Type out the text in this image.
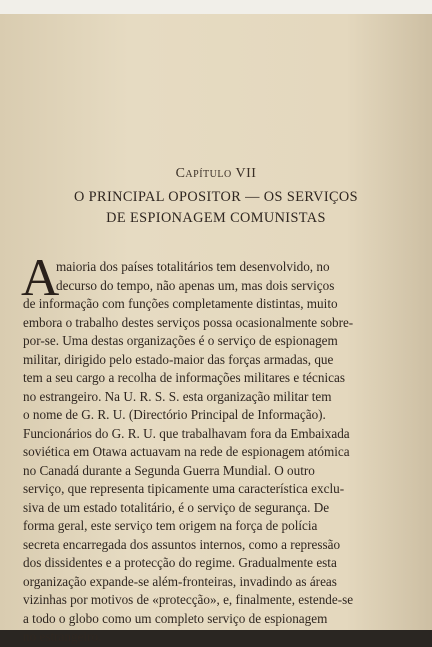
Capítulo VII
O PRINCIPAL OPOSITOR — OS SERVIÇOS
DE ESPIONAGEM COMUNISTAS
A
maioria dos países totalitários tem desenvolvido, no
decurso do tempo, não apenas um, mas dois serviços
de informação com funções completamente distintas, muito
embora o trabalho destes serviços possa ocasionalmente sobre-
por-se. Uma destas organizações é o serviço de espionagem
militar, dirigido pelo estado-maior das forças armadas, que
tem a seu cargo a recolha de informações militares e técnicas
no estrangeiro. Na U. R. S. S. esta organização militar tem
o nome de G. R. U. (Directório Principal de Informação).
Funcionários do G. R. U. que trabalhavam fora da Embaixada
soviética em Otawa actuavam na rede de espionagem atómica
no Canadá durante a Segunda Guerra Mundial. O outro
serviço, que representa tipicamente uma característica exclu-
siva de um estado totalitário, é o serviço de segurança. De
forma geral, este serviço tem origem na força de polícia
secreta encarregada dos assuntos internos, como a repressão
dos dissidentes e a protecção do regime. Gradualmente esta
organização expande-se além-fronteiras, invadindo as áreas
vizinhas por motivos de «protecção», e, finalmente, estende-se
a todo o globo como um completo serviço de espionagem
no estrangeiro.
